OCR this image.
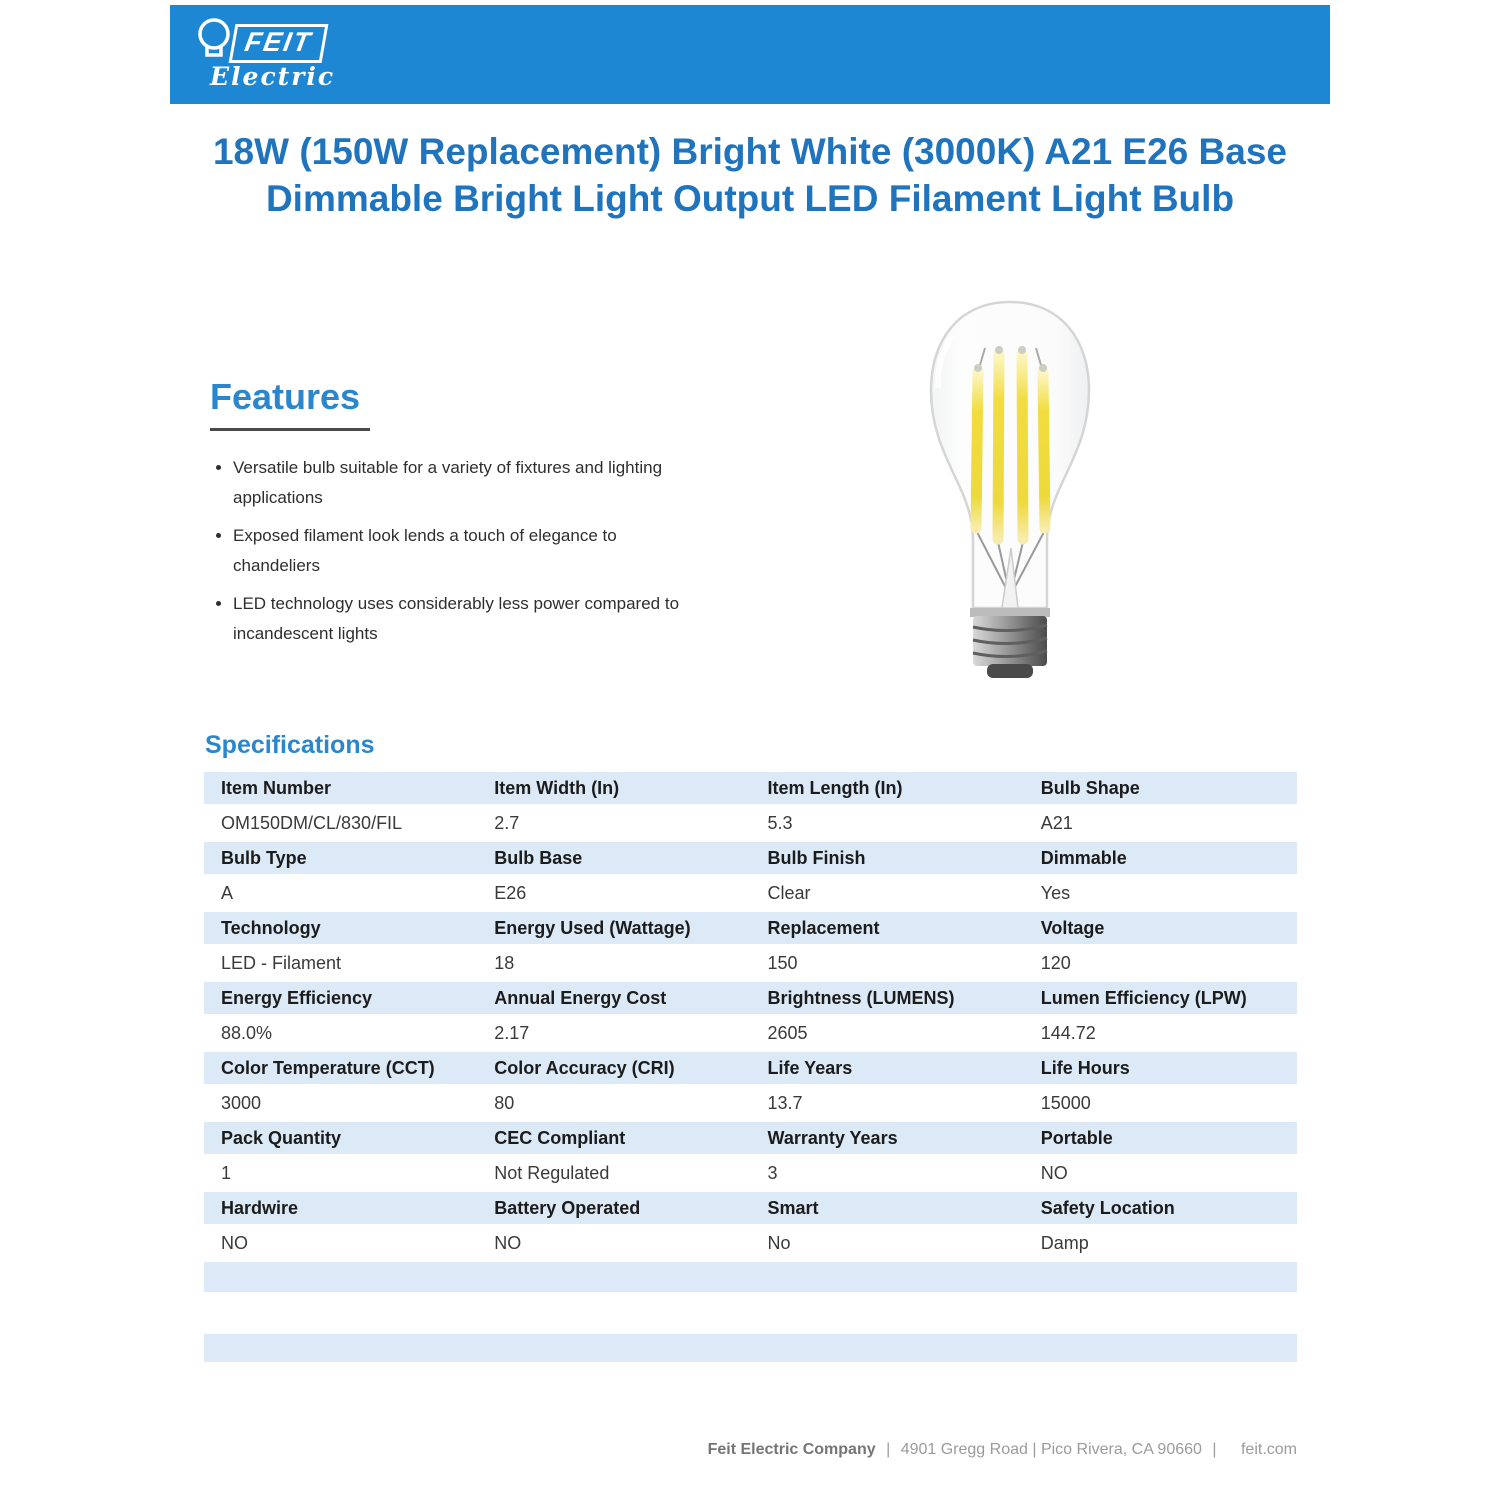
FEIT
Electric
18W (150W Replacement) Bright White (3000K) A21 E26 Base Dimmable Bright Light Output LED Filament Light Bulb
Features
• Versatile bulb suitable for a variety of fixtures and lighting applications
• Exposed filament look lends a touch of elegance to chandeliers
• LED technology uses considerably less power compared to incandescent lights
Specifications
Item Number	Item Width (In)	Item Length (In)	Bulb Shape
OM150DM/CL/830/FIL	2.7	5.3	A21
Bulb Type	Bulb Base	Bulb Finish	Dimmable
A	E26	Clear	Yes
Technology	Energy Used (Wattage)	Replacement	Voltage
LED - Filament	18	150	120
Energy Efficiency	Annual Energy Cost	Brightness (LUMENS)	Lumen Efficiency (LPW)
88.0%	2.17	2605	144.72
Color Temperature (CCT)	Color Accuracy (CRI)	Life Years	Life Hours
3000	80	13.7	15000
Pack Quantity	CEC Compliant	Warranty Years	Portable
1	Not Regulated	3	NO
Hardwire	Battery Operated	Smart	Safety Location
NO	NO	No	Damp

Feit Electric Company | 4901 Gregg Road | Pico Rivera, CA 90660 | feit.com
